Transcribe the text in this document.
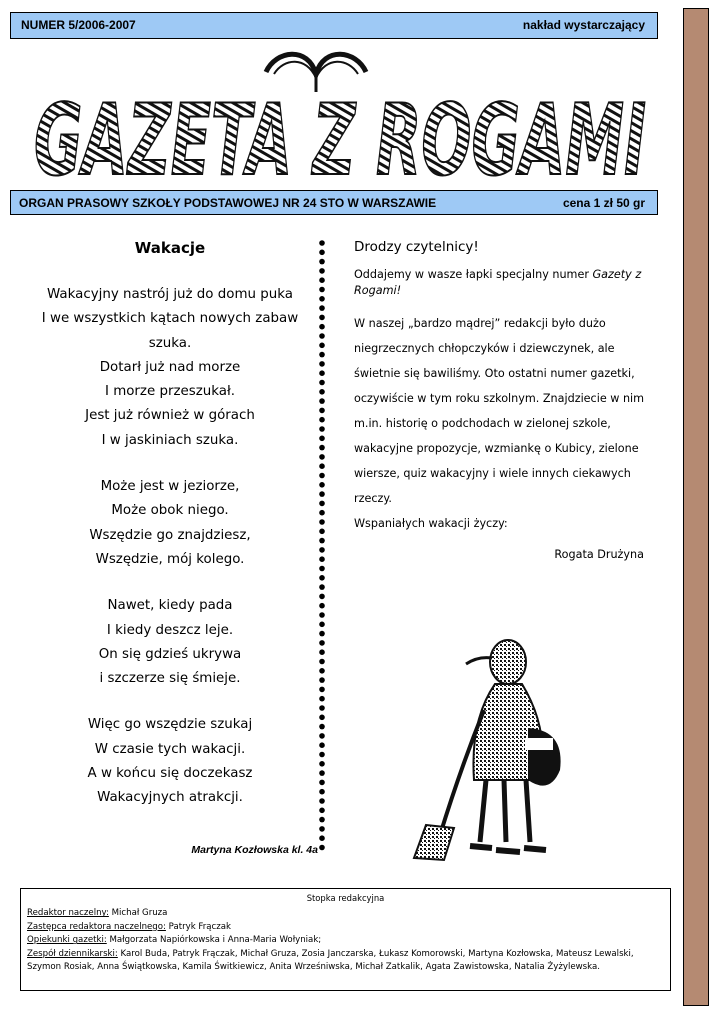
NUMER 5/2006-2007	nakład wystarczający
GAZETA Z ROGAMI
ORGAN PRASOWY SZKOŁY PODSTAWOWEJ NR 24 STO W WARSZAWIE	cena 1 zł 50 gr
Wakacje
Wakacyjny nastrój już do domu puka
I we wszystkich kątach nowych zabaw
szuka.
Dotarł już nad morze
I morze przeszukał.
Jest już również w górach
I w jaskiniach szuka.
Może jest w jeziorze,
Może obok niego.
Wszędzie go znajdziesz,
Wszędzie, mój kolego.
Nawet, kiedy pada
I kiedy deszcz leje.
On się gdzieś ukrywa
i szczerze się śmieje.
Więc go wszędzie szukaj
W czasie tych wakacji.
A w końcu się doczekasz
Wakacyjnych atrakcji.
Martyna Kozłowska kl. 4a
Drodzy czytelnicy!

Oddajemy w wasze łapki specjalny numer Gazety z Rogami!

W naszej „bardzo mądrej” redakcji było dużo

niegrzecznych chłopczyków i dziewczynek, ale

świetnie się bawiliśmy. Oto ostatni numer gazetki,

oczywiście w tym roku szkolnym. Znajdziecie w nim

m.in. historię o podchodach w zielonej szkole,

wakacyjne propozycje, wzmiankę o Kubicy, zielone

wiersze, quiz wakacyjny i wiele innych ciekawych

rzeczy.

Wspaniałych wakacji życzy:

Rogata Drużyna
Stopka redakcyjna
Redaktor naczelny: Michał Gruza
Zastępca redaktora naczelnego: Patryk Frączak
Opiekunki gazetki: Małgorzata Napiórkowska i Anna-Maria Wołyniak;
Zespół dziennikarski: Karol Buda, Patryk Frączak, Michał Gruza, Zosia Janczarska, Łukasz Komorowski, Martyna Kozłowska, Mateusz Lewalski, Szymon Rosiak, Anna Świątkowska, Kamila Świtkiewicz, Anita Wrześniwska, Michał Zatkalik, Agata Zawistowska, Natalia Żyżylewska.
